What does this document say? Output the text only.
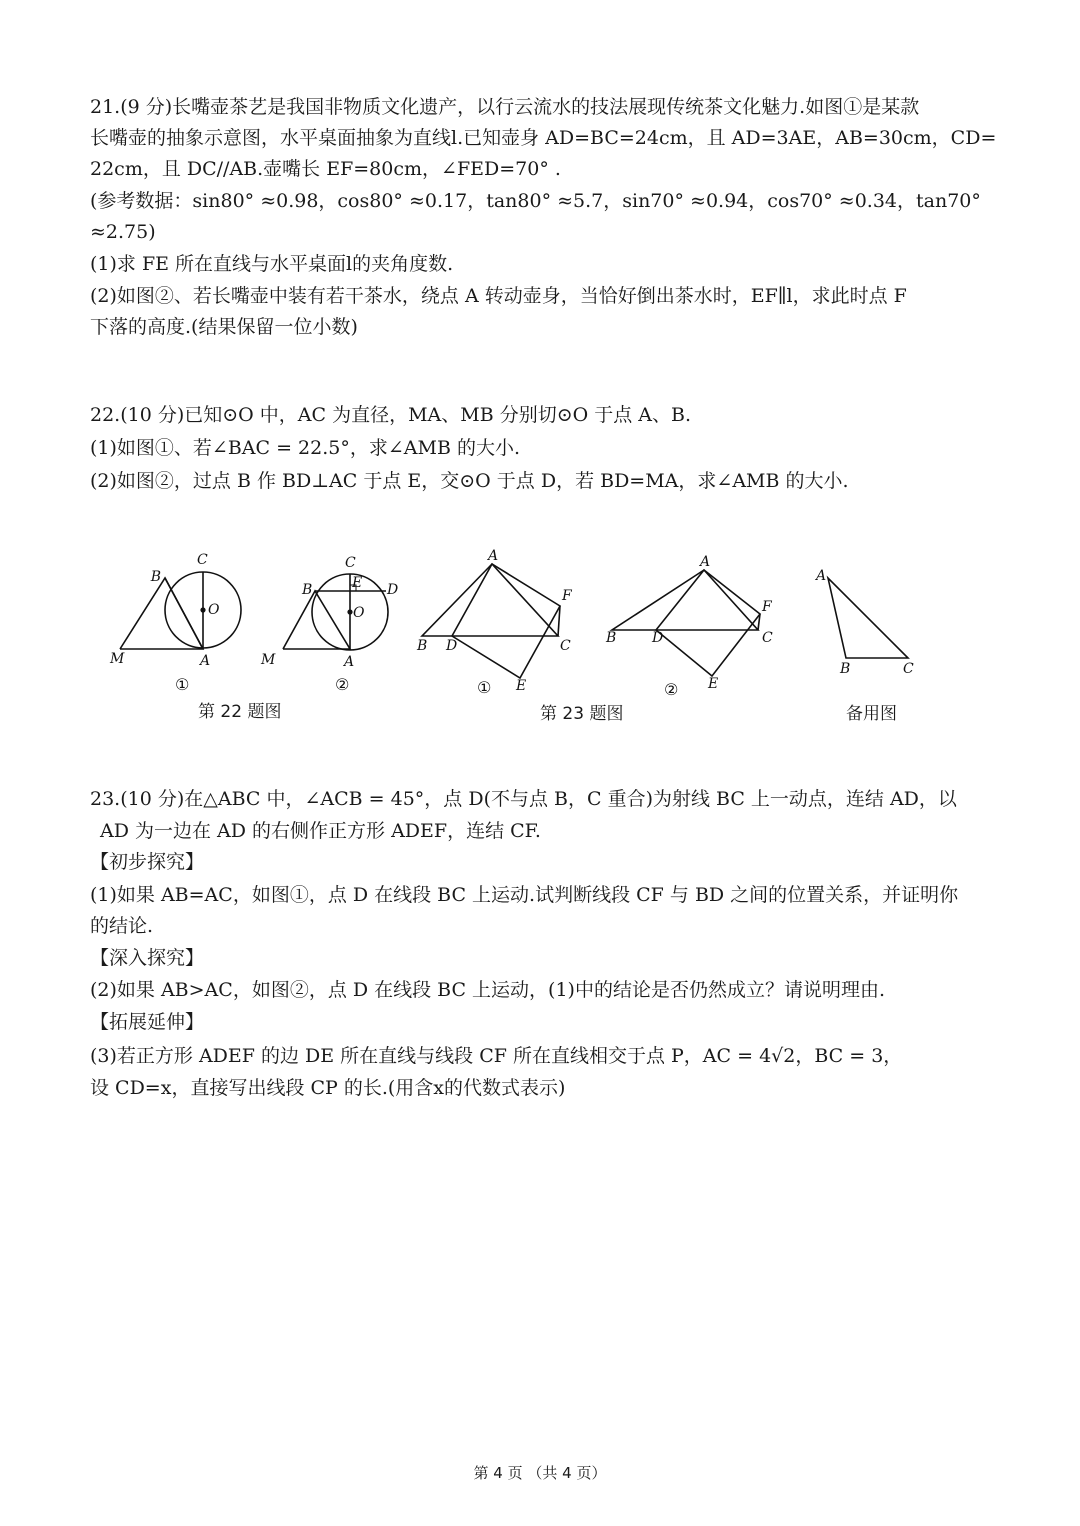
21.(9 分)长嘴壶茶艺是我国非物质文化遗产，以行云流水的技法展现传统茶文化魅力.如图①是某款

长嘴壶的抽象示意图，水平桌面抽象为直线l.已知壶身 AD=BC=24cm，且 AD=3AE，AB=30cm，CD=

22cm，且 DC//AB.壶嘴长 EF=80cm，∠FED=70° .

(参考数据：sin80° ≈0.98，cos80° ≈0.17，tan80° ≈5.7，sin70° ≈0.94，cos70° ≈0.34，tan70°

≈2.75)

(1)求 FE 所在直线与水平桌面l的夹角度数.

(2)如图②、若长嘴壶中装有若干茶水，绕点 A 转动壶身，当恰好倒出茶水时，EF∥l，求此时点 F

下落的高度.(结果保留一位小数)

22.(10 分)已知⊙O 中，AC 为直径，MA、MB 分别切⊙O 于点 A、B.

(1)如图①、若∠BAC = 22.5°，求∠AMB 的大小.

(2)如图②，过点 B 作 BD⊥AC 于点 E，交⊙O 于点 D，若 BD=MA，求∠AMB 的大小.

B
C
O
M	A
①
C
B	E D
O
M	A
②
A
F
B D	C
E
①
A
F
B	D	C
E
②
A
B	C
第 22 题图	第 23 题图	备用图

23.(10 分)在△ABC 中，∠ACB = 45°，点 D(不与点 B，C 重合)为射线 BC 上一动点，连结 AD，以

AD 为一边在 AD 的右侧作正方形 ADEF，连结 CF.

【初步探究】

(1)如果 AB=AC，如图①，点 D 在线段 BC 上运动.试判断线段 CF 与 BD 之间的位置关系，并证明你

的结论.

【深入探究】

(2)如果 AB>AC，如图②，点 D 在线段 BC 上运动，(1)中的结论是否仍然成立？请说明理由.

【拓展延伸】

(3)若正方形 ADEF 的边 DE 所在直线与线段 CF 所在直线相交于点 P，AC = 4√2，BC = 3，

设 CD=x，直接写出线段 CP 的长.(用含x的代数式表示)

第 4 页 （共 4 页）
